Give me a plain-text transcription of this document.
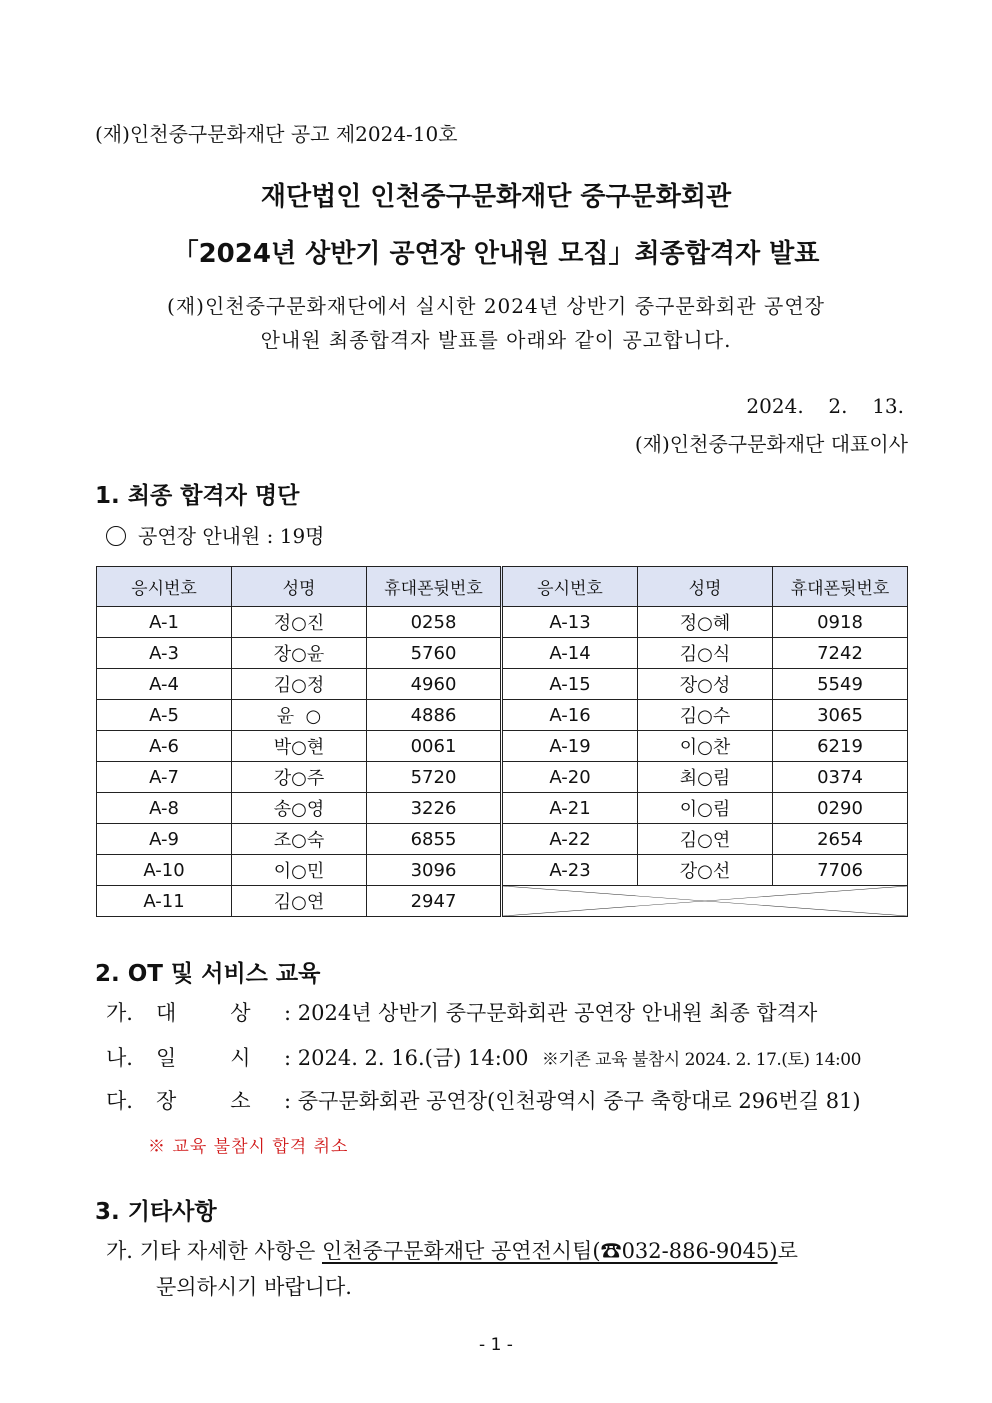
(재)인천중구문화재단 공고 제2024-10호
재단법인 인천중구문화재단 중구문화회관
「2024년 상반기 공연장 안내원 모집」최종합격자 발표
(재)인천중구문화재단에서 실시한 2024년 상반기 중구문화회관 공연장
안내원 최종합격자 발표를 아래와 같이 공고합니다.
2024.  2.  13.
(재)인천중구문화재단 대표이사
1. 최종 합격자 명단
공연장 안내원 : 19명
응시번호	성명	휴대폰뒷번호	응시번호	성명	휴대폰뒷번호
A-1	정○진	0258	A-13	정○혜	0918
A-3	장○윤	5760	A-14	김○식	7242
A-4	김○정	4960	A-15	장○성	5549
A-5	윤  ○	4886	A-16	김○수	3065
A-6	박○현	0061	A-19	이○찬	6219
A-7	강○주	5720	A-20	최○림	0374
A-8	송○영	3226	A-21	이○림	0290
A-9	조○숙	6855	A-22	김○연	2654
A-10	이○민	3096	A-23	강○선	7706
A-11	김○연	2947	
2. OT 및 서비스 교육
가. 대	상 : 2024년 상반기 중구문화회관 공연장 안내원 최종 합격자
나. 일	시 : 2024. 2. 16.(금) 14:00 ※기존 교육 불참시 2024. 2. 17.(토) 14:00
다. 장	소 : 중구문화회관 공연장(인천광역시 중구 축항대로 296번길 81)
※ 교육 불참시 합격 취소
3. 기타사항
가. 기타 자세한 사항은 인천중구문화재단 공연전시팀(☎032-886-9045)로
문의하시기 바랍니다.
- 1 -
